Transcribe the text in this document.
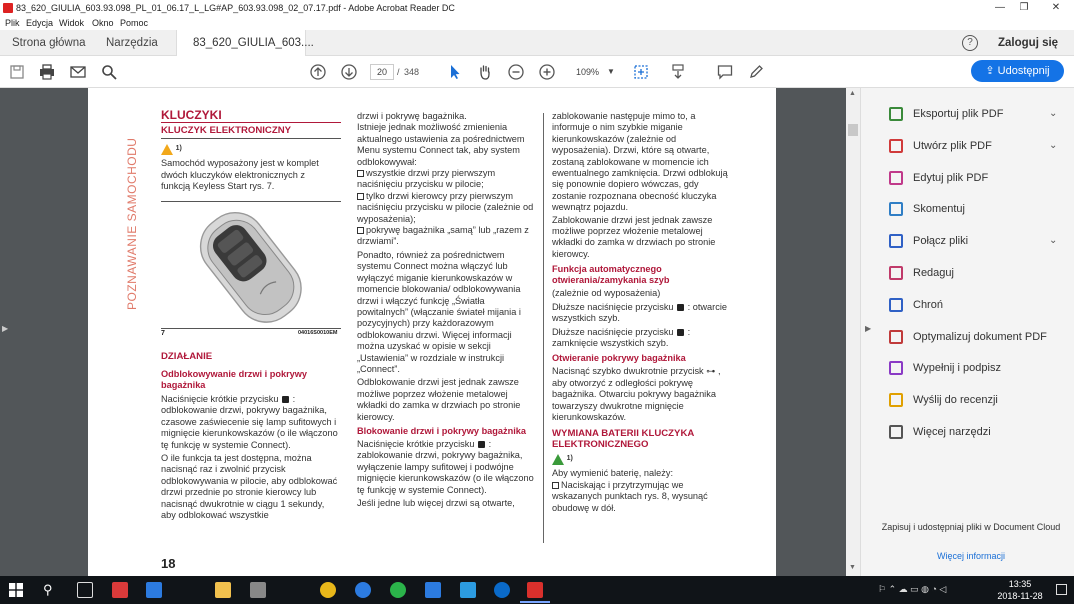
83_620_GIULIA_603.93.098_PL_01_06.17_L_LG#AP_603.93.098_02_07.17.pdf - Adobe Acrobat Reader DC	—	❐	✕
Plik Edycja Widok Okno Pomoc
Strona główna Narzędzia	83_620_GIULIA_603....	?	Zaloguj się
20	/ 348	109% ▼	⇪ Udostępnij
▶
POZNAWANIE SAMOCHODU
KLUCZYKI
KLUCZYK ELEKTRONICZNY
1)

Samochód wyposażony jest w komplet dwóch kluczyków elektronicznych z funkcją Keyless Start rys. 7.

7	04016S0010EM
DZIAŁANIE
Odblokowywanie drzwi i pokrywy bagażnika

Naciśnięcie krótkie przycisku : odblokowanie drzwi, pokrywy bagażnika, czasowe zaświecenie się lamp sufitowych i mignięcie kierunkowskazów (o ile włączono tę funkcję w systemie Connect).

O ile funkcja ta jest dostępna, można nacisnąć raz i zwolnić przycisk odblokowywania w pilocie, aby odblokować drzwi przednie po stronie kierowcy lub nacisnąć dwukrotnie w ciągu 1 sekundy, aby odblokować wszystkie

18

drzwi i pokrywę bagażnika.

Istnieje jednak możliwość zmienienia aktualnego ustawienia za pośrednictwem Menu systemu Connect tak, aby system odblokowywał:

wszystkie drzwi przy pierwszym naciśnięciu przycisku w pilocie;

tylko drzwi kierowcy przy pierwszym naciśnięciu przycisku w pilocie (zależnie od wyposażenia);

pokrywę bagażnika „samą” lub „razem z drzwiami”.

Ponadto, również za pośrednictwem systemu Connect można włączyć lub wyłączyć miganie kierunkowskazów w momencie blokowania/ odblokowywania drzwi i włączyć funkcję „Światła powitalnych” (włączanie świateł mijania i pozycyjnych) przy każdorazowym odblokowaniu drzwi. Więcej informacji można uzyskać w opisie w sekcji „Ustawienia” w rozdziale w instrukcji „Connect”.

Odblokowanie drzwi jest jednak zawsze możliwe poprzez włożenie metalowej wkładki do zamka w drzwiach po stronie kierowcy.

Blokowanie drzwi i pokrywy bagażnika

Naciśnięcie krótkie przycisku : zablokowanie drzwi, pokrywy bagażnika, wyłączenie lampy sufitowej i podwójne mignięcie kierunkowskazów (o ile włączono tę funkcję w systemie Connect).

Jeśli jedne lub więcej drzwi są otwarte,

zablokowanie następuje mimo to, a informuje o nim szybkie miganie kierunkowskazów (zależnie od wyposażenia). Drzwi, które są otwarte, zostaną zablokowane w momencie ich ewentualnego zamknięcia. Drzwi odblokują się ponownie dopiero wówczas, gdy zostanie rozpoznana obecność kluczyka wewnątrz pojazdu.

Zablokowanie drzwi jest jednak zawsze możliwe poprzez włożenie metalowej wkładki do zamka w drzwiach po stronie kierowcy.

Funkcja automatycznego otwierania/zamykania szyb

(zależnie od wyposażenia)

Dłuższe naciśnięcie przycisku : otwarcie wszystkich szyb.

Dłuższe naciśnięcie przycisku : zamknięcie wszystkich szyb.

Otwieranie pokrywy bagażnika

Nacisnąć szybko dwukrotnie przycisk ⊶ , aby otworzyć z odległości pokrywę bagażnika. Otwarciu pokrywy bagażnika towarzyszy dwukrotne mignięcie kierunkowskazów.

WYMIANA BATERII KLUCZYKA ELEKTRONICZNEGO
1)

Aby wymienić baterię, należy:

Naciskając i przytrzymując we wskazanych punktach rys. 8, wysunąć obudowę w dół.

▲
▼
▶
Eksportuj plik PDF	⌄
Utwórz plik PDF	⌄
Edytuj plik PDF
Skomentuj
Połącz pliki	⌄
Redaguj
Chroń
Optymalizuj dokument PDF
Wypełnij i podpisz
Wyślij do recenzji
Więcej narzędzi
Zapisuj i udostępniaj pliki w Document Cloud
Więcej informacji
⚲	⚐ ⌃ ☁ ▭ ◍ ◔ ◁	13:35
2018-11-28
